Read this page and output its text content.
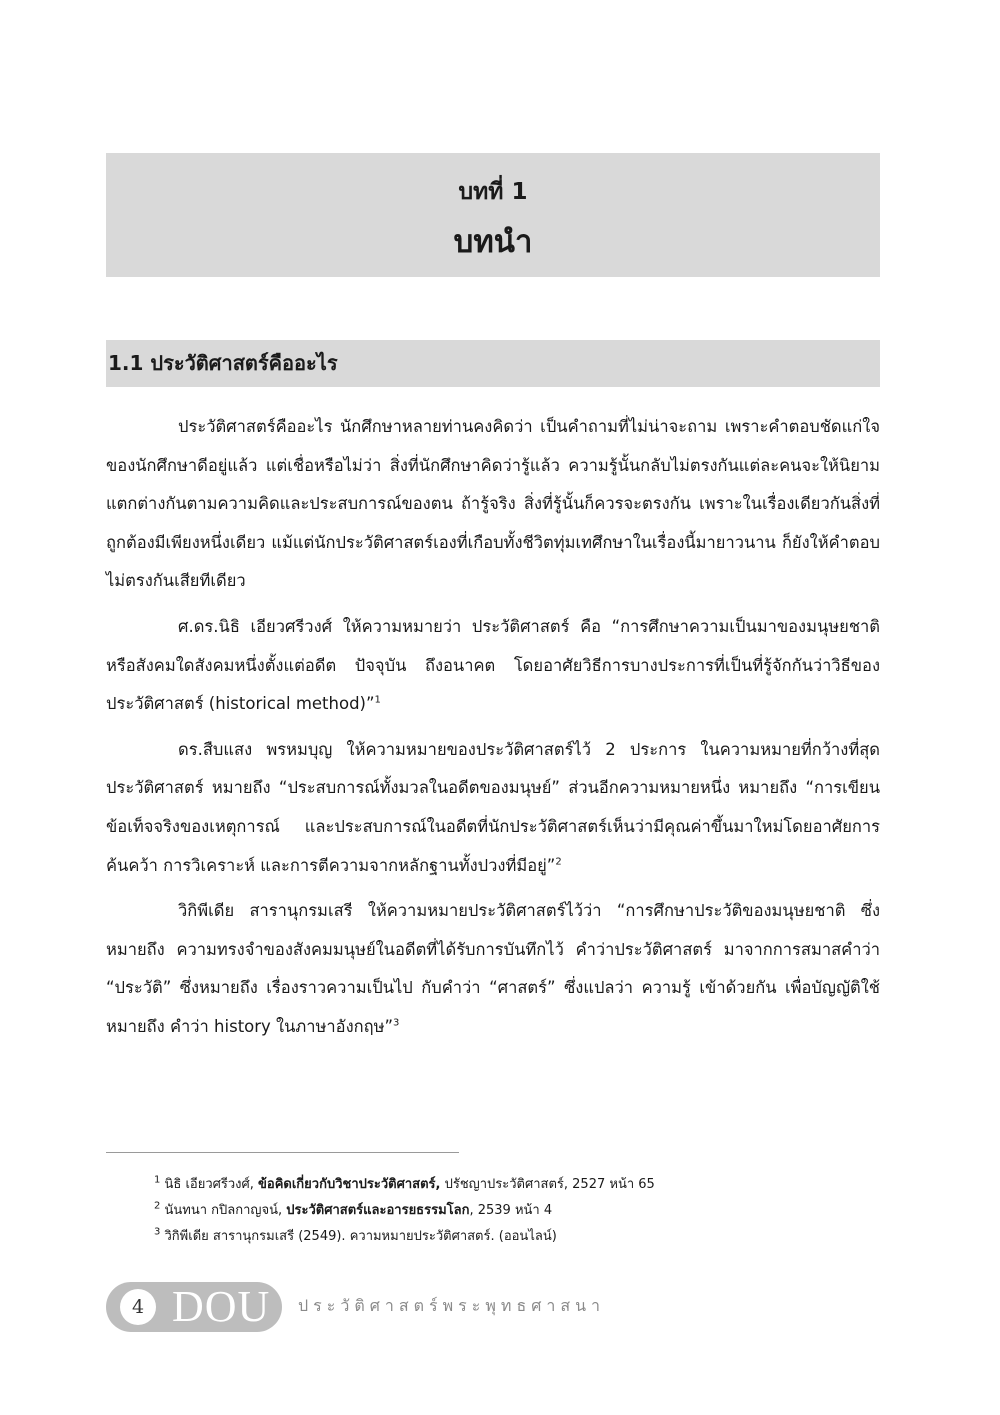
บทที่ 1
บทนำ
1.1 ประวัติศาสตร์คืออะไร

ประวัติศาสตร์คืออะไร นักศึกษาหลายท่านคงคิดว่า เป็นคำถามที่ไม่น่าจะถาม เพราะคำตอบชัดแก่ใจของนักศึกษาดีอยู่แล้ว แต่เชื่อหรือไม่ว่า สิ่งที่นักศึกษาคิดว่ารู้แล้ว ความรู้นั้นกลับไม่ตรงกันแต่ละคนจะให้นิยามแตกต่างกันตามความคิดและประสบการณ์ของตน ถ้ารู้จริง สิ่งที่รู้นั้นก็ควรจะตรงกัน เพราะในเรื่องเดียวกันสิ่งที่ถูกต้องมีเพียงหนึ่งเดียว แม้แต่นักประวัติศาสตร์เองที่เกือบทั้งชีวิตทุ่มเทศึกษาในเรื่องนี้มายาวนาน ก็ยังให้คำตอบไม่ตรงกันเสียทีเดียว

ศ.ดร.นิธิ เอียวศรีวงศ์ ให้ความหมายว่า ประวัติศาสตร์ คือ “การศึกษาความเป็นมาของมนุษยชาติหรือสังคมใดสังคมหนึ่งตั้งแต่อดีต ปัจจุบัน ถึงอนาคต โดยอาศัยวิธีการบางประการที่เป็นที่รู้จักกันว่าวิธีของประวัติศาสตร์ (historical method)”$^1$

ดร.สืบแสง พรหมบุญ ให้ความหมายของประวัติศาสตร์ไว้ 2 ประการ ในความหมายที่กว้างที่สุด ประวัติศาสตร์ หมายถึง “ประสบการณ์ทั้งมวลในอดีตของมนุษย์” ส่วนอีกความหมายหนึ่ง หมายถึง “การเขียนข้อเท็จจริงของเหตุการณ์ และประสบการณ์ในอดีตที่นักประวัติศาสตร์เห็นว่ามีคุณค่าขึ้นมาใหม่โดยอาศัยการค้นคว้า การวิเคราะห์ และการตีความจากหลักฐานทั้งปวงที่มีอยู่”$^2$

วิกิพีเดีย สารานุกรมเสรี ให้ความหมายประวัติศาสตร์ไว้ว่า “การศึกษาประวัติของมนุษยชาติ ซึ่งหมายถึง ความทรงจำของสังคมมนุษย์ในอดีตที่ได้รับการบันทึกไว้ คำว่าประวัติศาสตร์ มาจากการสมาสคำว่า “ประวัติ” ซึ่งหมายถึง เรื่องราวความเป็นไป กับคำว่า “ศาสตร์” ซึ่งแปลว่า ความรู้ เข้าด้วยกัน เพื่อบัญญัติใช้หมายถึง คำว่า history ในภาษาอังกฤษ”$^3$

$^1$ นิธิ เอียวศรีวงศ์, ข้อคิดเกี่ยวกับวิชาประวัติศาสตร์, ปรัชญาประวัติศาสตร์, 2527 หน้า 65
$^2$ นันทนา กปิลกาญจน์, ประวัติศาสตร์และอารยธรรมโลก, 2539 หน้า 4
$^3$ วิกิพีเดีย สารานุกรมเสรี (2549). ความหมายประวัติศาสตร์. (ออนไลน์)
4 DOU ประวัติศาสตร์พระพุทธศาสนา
